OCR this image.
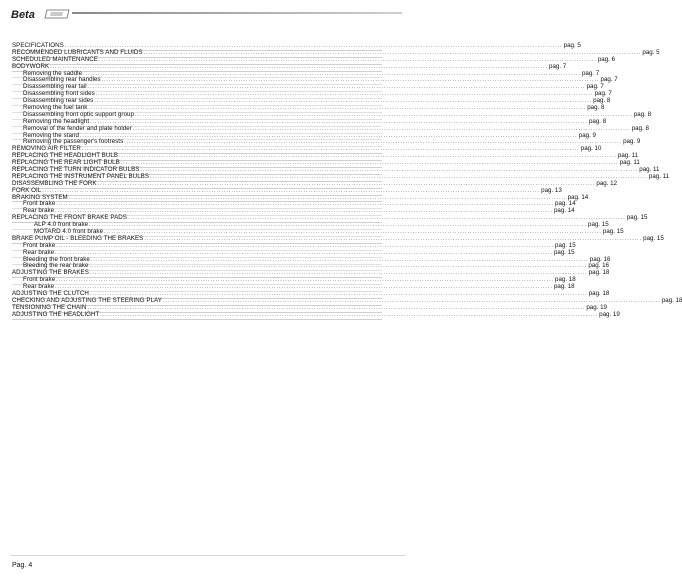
Beta
SPECIFICATIONS ........................................................................................................................................................................................................ pag. 5
RECOMMENDED LUBRICANTS AND FLUIDS ........................................................................................................................................................................................................ pag. 5
SCHEDULED MAINTENANCE ........................................................................................................................................................................................................ pag. 6
BODYWORK ........................................................................................................................................................................................................ pag. 7
Removing the saddle ........................................................................................................................................................................................................ pag. 7
Disassembling rear handles ........................................................................................................................................................................................................ pag. 7
Disassembling rear tail ........................................................................................................................................................................................................ pag. 7
Disassembling front sides ........................................................................................................................................................................................................ pag. 7
Disassembling rear sides ........................................................................................................................................................................................................ pag. 8
Removing the fuel tank ........................................................................................................................................................................................................ pag. 8
Disassembling front optic support group ........................................................................................................................................................................................................ pag. 8
Removing the headlight ........................................................................................................................................................................................................ pag. 8
Removal of the fender and plate holder ........................................................................................................................................................................................................ pag. 8
Removing the stand ........................................................................................................................................................................................................ pag. 9
Removing the passenger's footrests ........................................................................................................................................................................................................ pag. 9
REMOVING AIR FILTER ........................................................................................................................................................................................................ pag. 10
REPLACING THE HEADLIGHT BULB ........................................................................................................................................................................................................ pag. 11
REPLACING THE REAR LIGHT BULB ........................................................................................................................................................................................................ pag. 11
REPLACING THE TURN INDICATOR BULBS ........................................................................................................................................................................................................ pag. 11
REPLACING THE INSTRUMENT PANEL BULBS ........................................................................................................................................................................................................ pag. 11
DISASSEMBLING THE FORK ........................................................................................................................................................................................................ pag. 12
FORK OIL ........................................................................................................................................................................................................ pag. 13
BRAKING SYSTEM ........................................................................................................................................................................................................ pag. 14
Front brake ........................................................................................................................................................................................................ pag. 14
Rear brake ........................................................................................................................................................................................................ pag. 14
REPLACING THE FRONT BRAKE PADS ........................................................................................................................................................................................................ pag. 15
ALP 4.0 front brake ........................................................................................................................................................................................................ pag. 15
MOTARD 4.0 front brake ........................................................................................................................................................................................................ pag. 15
BRAKE PUMP OIL - BLEEDING THE BRAKES ........................................................................................................................................................................................................ pag. 15
Front brake ........................................................................................................................................................................................................ pag. 15
Rear brake ........................................................................................................................................................................................................ pag. 15
Bleeding the front brake ........................................................................................................................................................................................................ pag. 16
Bleeding the rear brake ........................................................................................................................................................................................................ pag. 16
ADJUSTING THE BRAKES ........................................................................................................................................................................................................ pag. 18
Front brake ........................................................................................................................................................................................................ pag. 18
Rear brake ........................................................................................................................................................................................................ pag. 18
ADJUSTING THE CLUTCH ........................................................................................................................................................................................................ pag. 18
CHECKING AND ADJUSTING THE STEERING PLAY ........................................................................................................................................................................................................ pag. 18
TENSIONING THE CHAIN ........................................................................................................................................................................................................ pag. 19
ADJUSTING THE HEADLIGHT ........................................................................................................................................................................................................ pag. 19
Pag. 4
